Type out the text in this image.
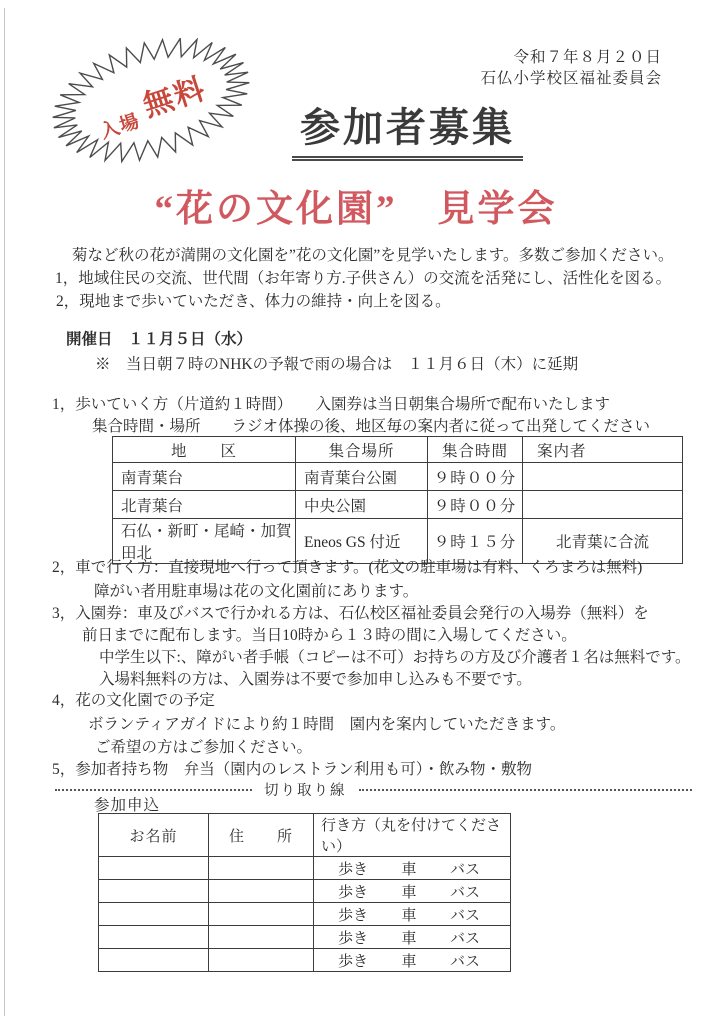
入場 無料
令和７年８月２０日
石仏小学校区福祉委員会
参加者募集
“花の文化園”　見学会
菊など秋の花が満開の文化園を”花の文化園”を見学いたします。多数ご参加ください。
1，地域住民の交流、世代間（お年寄り方.子供さん）の交流を活発にし、活性化を図る。
2，現地まで歩いていただき、体力の維持・向上を図る。
開催日　１１月５日（水）
※　当日朝７時のNHKの予報で雨の場合は　１１月６日（木）に延期
1，歩いていく方（片道約１時間）　　入園券は当日朝集合場所で配布いたします
集合時間・場所　　ラジオ体操の後、地区毎の案内者に従って出発してください
地　　区	集合場所	集合時間	案内者
南青葉台	南青葉台公園	９時００分	
北青葉台	中央公園	９時００分	
石仏・新町・尾崎・加賀田北	Eneos GS 付近	９時１５分	北青葉に合流
2，車で行く方：直接現地へ行って頂きます。(花文の駐車場は有料、くろまろは無料)
障がい者用駐車場は花の文化園前にあります。
3，入園券：車及びバスで行かれる方は、石仏校区福祉委員会発行の入場券（無料）を
前日までに配布します。当日10時から１３時の間に入場してください。
中学生以下:、障がい者手帳（コピーは不可）お持ちの方及び介護者１名は無料です。
入場料無料の方は、入園券は不要で参加申し込みも不要です。
4，花の文化園での予定
ボランティアガイドにより約１時間　園内を案内していただきます。
ご希望の方はご参加ください。
5，参加者持ち物　弁当（園内のレストラン利用も可）・飲み物・敷物
切り取り線
参加申込
お名前	住　　所	行き方（丸を付けてください）

		歩き 車 バス

		歩き 車 バス

		歩き 車 バス

		歩き 車 バス

		歩き 車 バス
